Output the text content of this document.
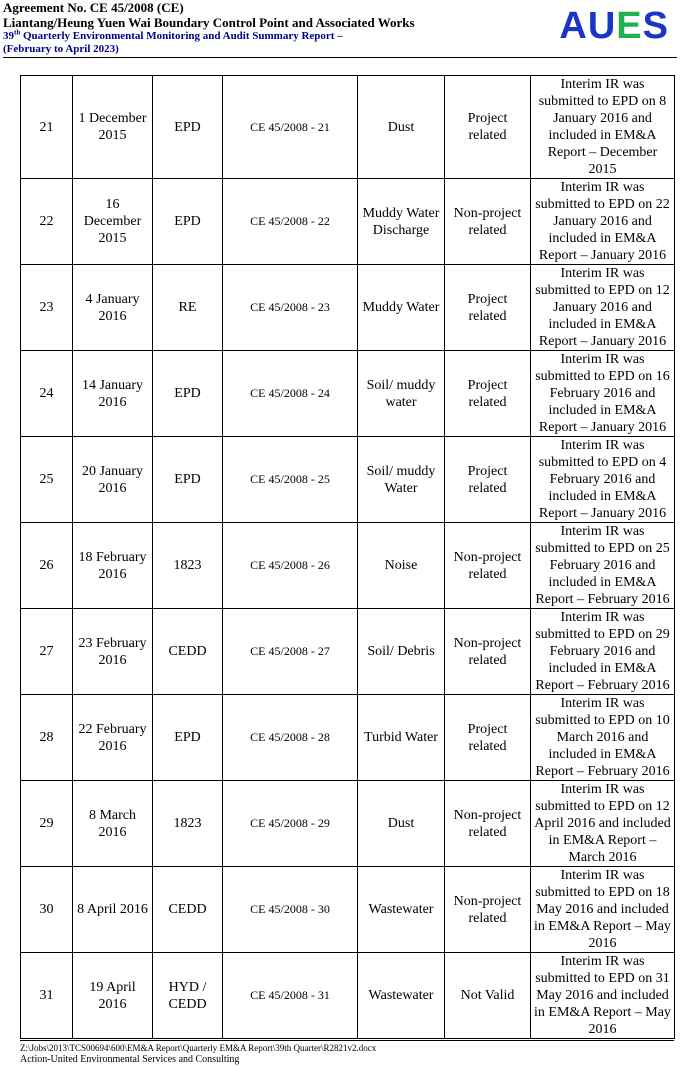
Agreement No. CE 45/2008 (CE)
Liantang/Heung Yuen Wai Boundary Control Point and Associated Works
39th Quarterly Environmental Monitoring and Audit Summary Report –
(February to April 2023)
AUES
21	1 December 2015	EPD	CE 45/2008 - 21	Dust	Project related	Interim IR was submitted to EPD on 8 January 2016 and included in EM&A Report – December 2015
22	16 December 2015	EPD	CE 45/2008 - 22	Muddy Water Discharge	Non-project related	Interim IR was submitted to EPD on 22 January 2016 and included in EM&A Report – January 2016
23	4 January 2016	RE	CE 45/2008 - 23	Muddy Water	Project related	Interim IR was submitted to EPD on 12 January 2016 and included in EM&A Report – January 2016
24	14 January 2016	EPD	CE 45/2008 - 24	Soil/ muddy water	Project related	Interim IR was submitted to EPD on 16 February 2016 and included in EM&A Report – January 2016
25	20 January 2016	EPD	CE 45/2008 - 25	Soil/ muddy Water	Project related	Interim IR was submitted to EPD on 4 February 2016 and included in EM&A Report – January 2016
26	18 February 2016	1823	CE 45/2008 - 26	Noise	Non-project related	Interim IR was submitted to EPD on 25 February 2016 and included in EM&A Report – February 2016
27	23 February 2016	CEDD	CE 45/2008 - 27	Soil/ Debris	Non-project related	Interim IR was submitted to EPD on 29 February 2016 and included in EM&A Report – February 2016
28	22 February 2016	EPD	CE 45/2008 - 28	Turbid Water	Project related	Interim IR was submitted to EPD on 10 March 2016 and included in EM&A Report – February 2016
29	8 March 2016	1823	CE 45/2008 - 29	Dust	Non-project related	Interim IR was submitted to EPD on 12 April 2016 and included in EM&A Report – March 2016
30	8 April 2016	CEDD	CE 45/2008 - 30	Wastewater	Non-project related	Interim IR was submitted to EPD on 18 May 2016 and included in EM&A Report – May 2016
31	19 April 2016	HYD / CEDD	CE 45/2008 - 31	Wastewater	Not Valid	Interim IR was submitted to EPD on 31 May 2016 and included in EM&A Report – May 2016
Z:\Jobs\2013\TCS00694\600\EM&A Report\Quarterly EM&A Report\39th Quarter\R2821v2.docx
Action-United Environmental Services and Consulting
